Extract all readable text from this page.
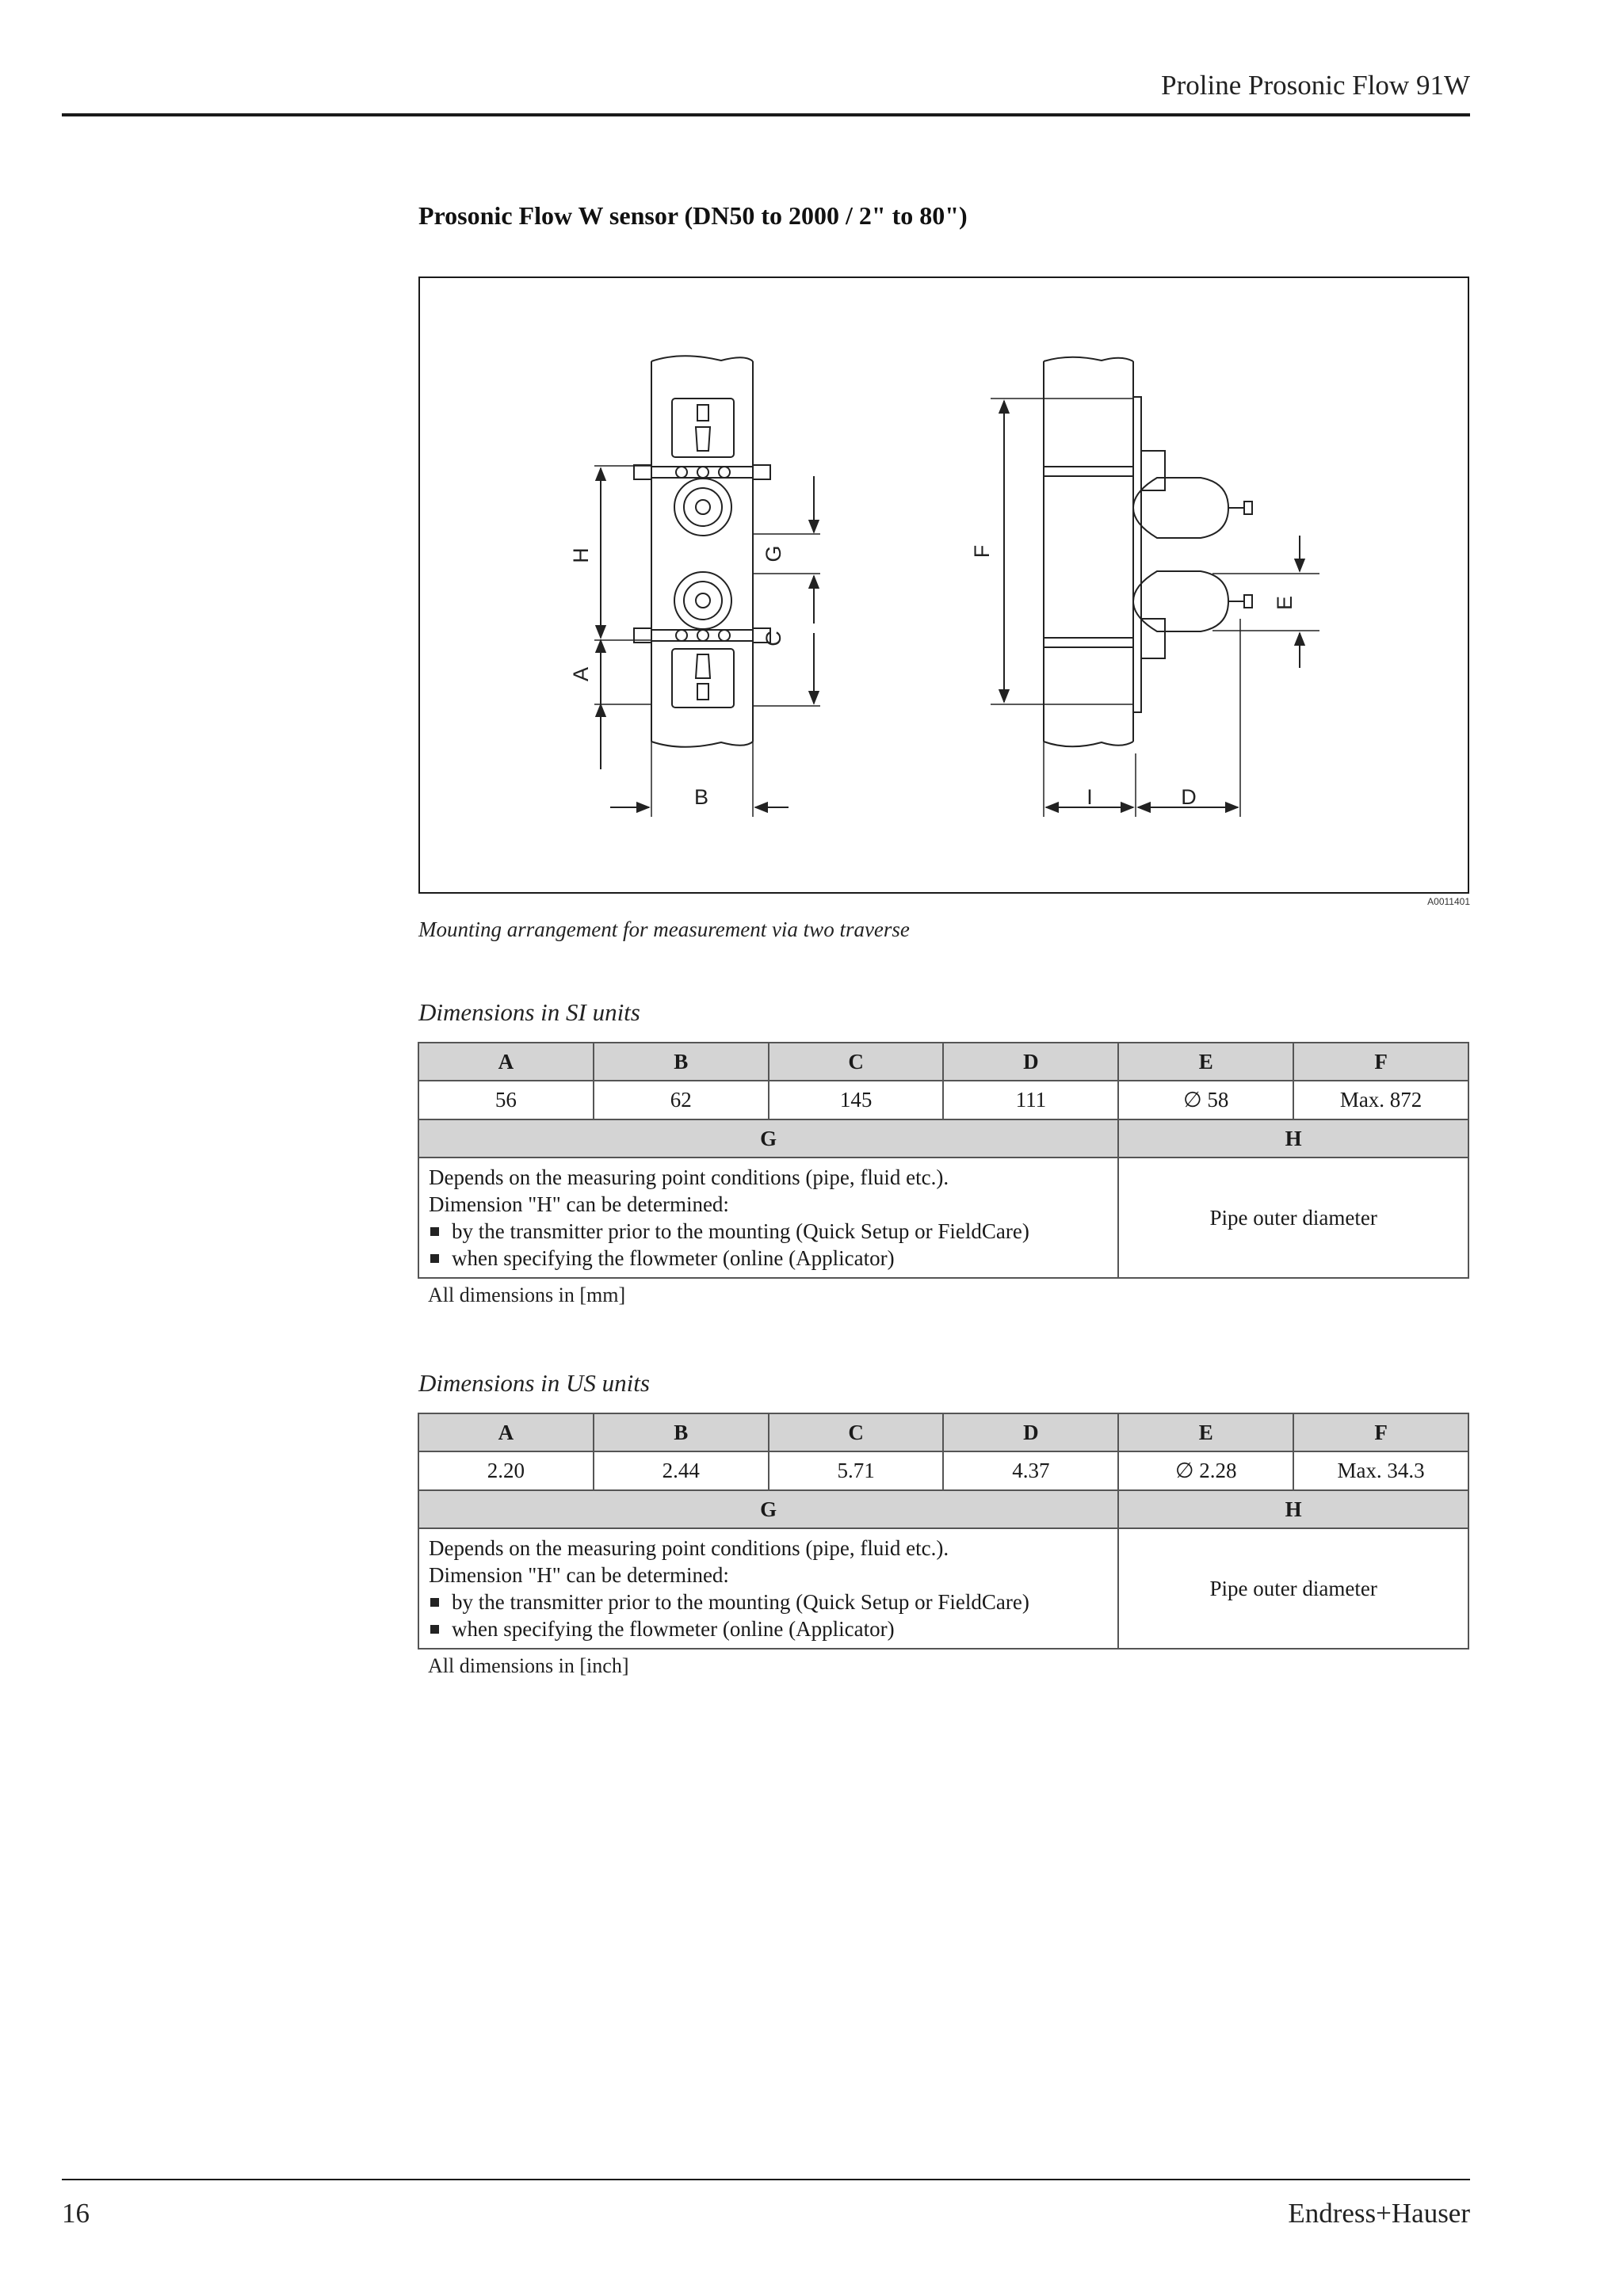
Proline Prosonic Flow 91W
Prosonic Flow W sensor (DN50 to 2000 / 2" to 80")
H
A
G
C
B
F
E
I	D
A0011401
Mounting arrangement for measurement via two traverse
Dimensions in SI units
A	B	C	D	E	F
56	62	145	111	∅ 58	Max. 872
G				H	

Depends on the measuring point conditions (pipe, fluid etc.).
Dimension "H" can be determined:
by the transmitter prior to the mounting (Quick Setup or FieldCare)
when specifying the flowmeter (online (Applicator)				Pipe outer diameter	
All dimensions in [mm]
Dimensions in US units
A	B	C	D	E	F
2.20	2.44	5.71	4.37	∅ 2.28	Max. 34.3
G				H	

Depends on the measuring point conditions (pipe, fluid etc.).
Dimension "H" can be determined:
by the transmitter prior to the mounting (Quick Setup or FieldCare)
when specifying the flowmeter (online (Applicator)				Pipe outer diameter	
All dimensions in [inch]
16	Endress+Hauser
